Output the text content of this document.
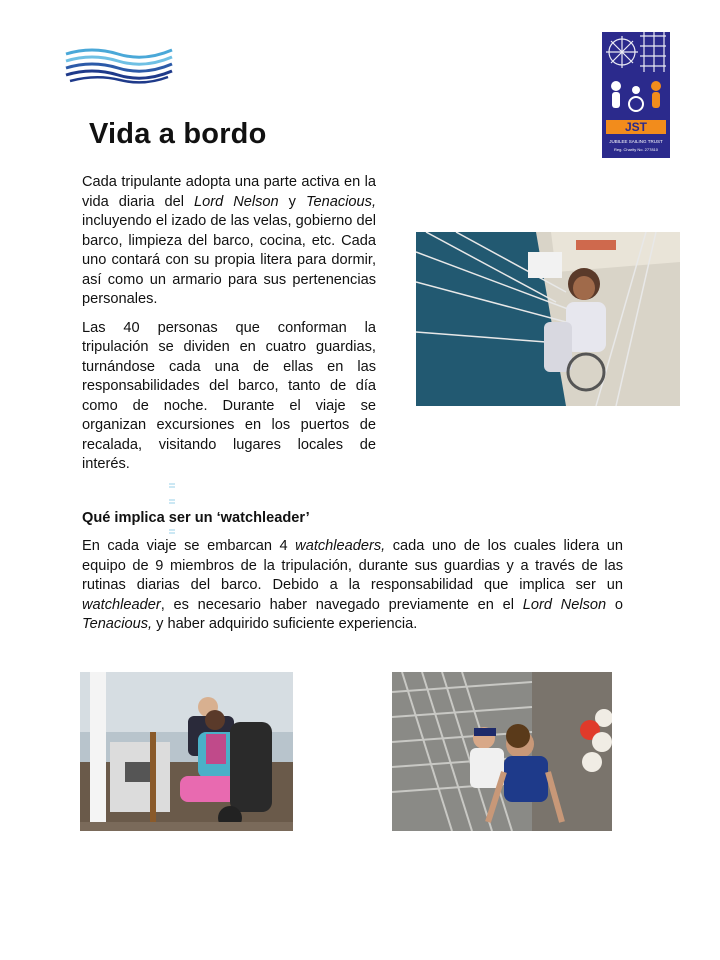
JST
JUBILEE SAILING TRUST
Reg. Charity No. 277810
Vida a bordo

Cada tripulante adopta una parte activa en la vida diaria del Lord Nelson y Tenacious, incluyendo el izado de las velas, gobierno del barco, limpieza del barco, cocina, etc. Cada uno contará con su propia litera para dormir, así como un armario para sus pertenencias personales.

Las 40 personas que conforman la tripulación se dividen en cuatro guardias, turnándose cada una de ellas en las responsabilidades del barco, tanto de día como de noche. Durante el viaje se organizan excursiones en los puertos de recalada, visitando lugares locales de interés.

Qué implica ser un ‘watchleader’

En cada viaje se embarcan 4 watchleaders, cada uno de los cuales lidera un equipo de 9 miembros de la tripulación, durante sus guardias y a través de las rutinas diarias del barco. Debido a la responsabilidad que implica ser un watchleader, es necesario haber navegado previamente en el Lord Nelson o Tenacious, y haber adquirido suficiente experiencia.
